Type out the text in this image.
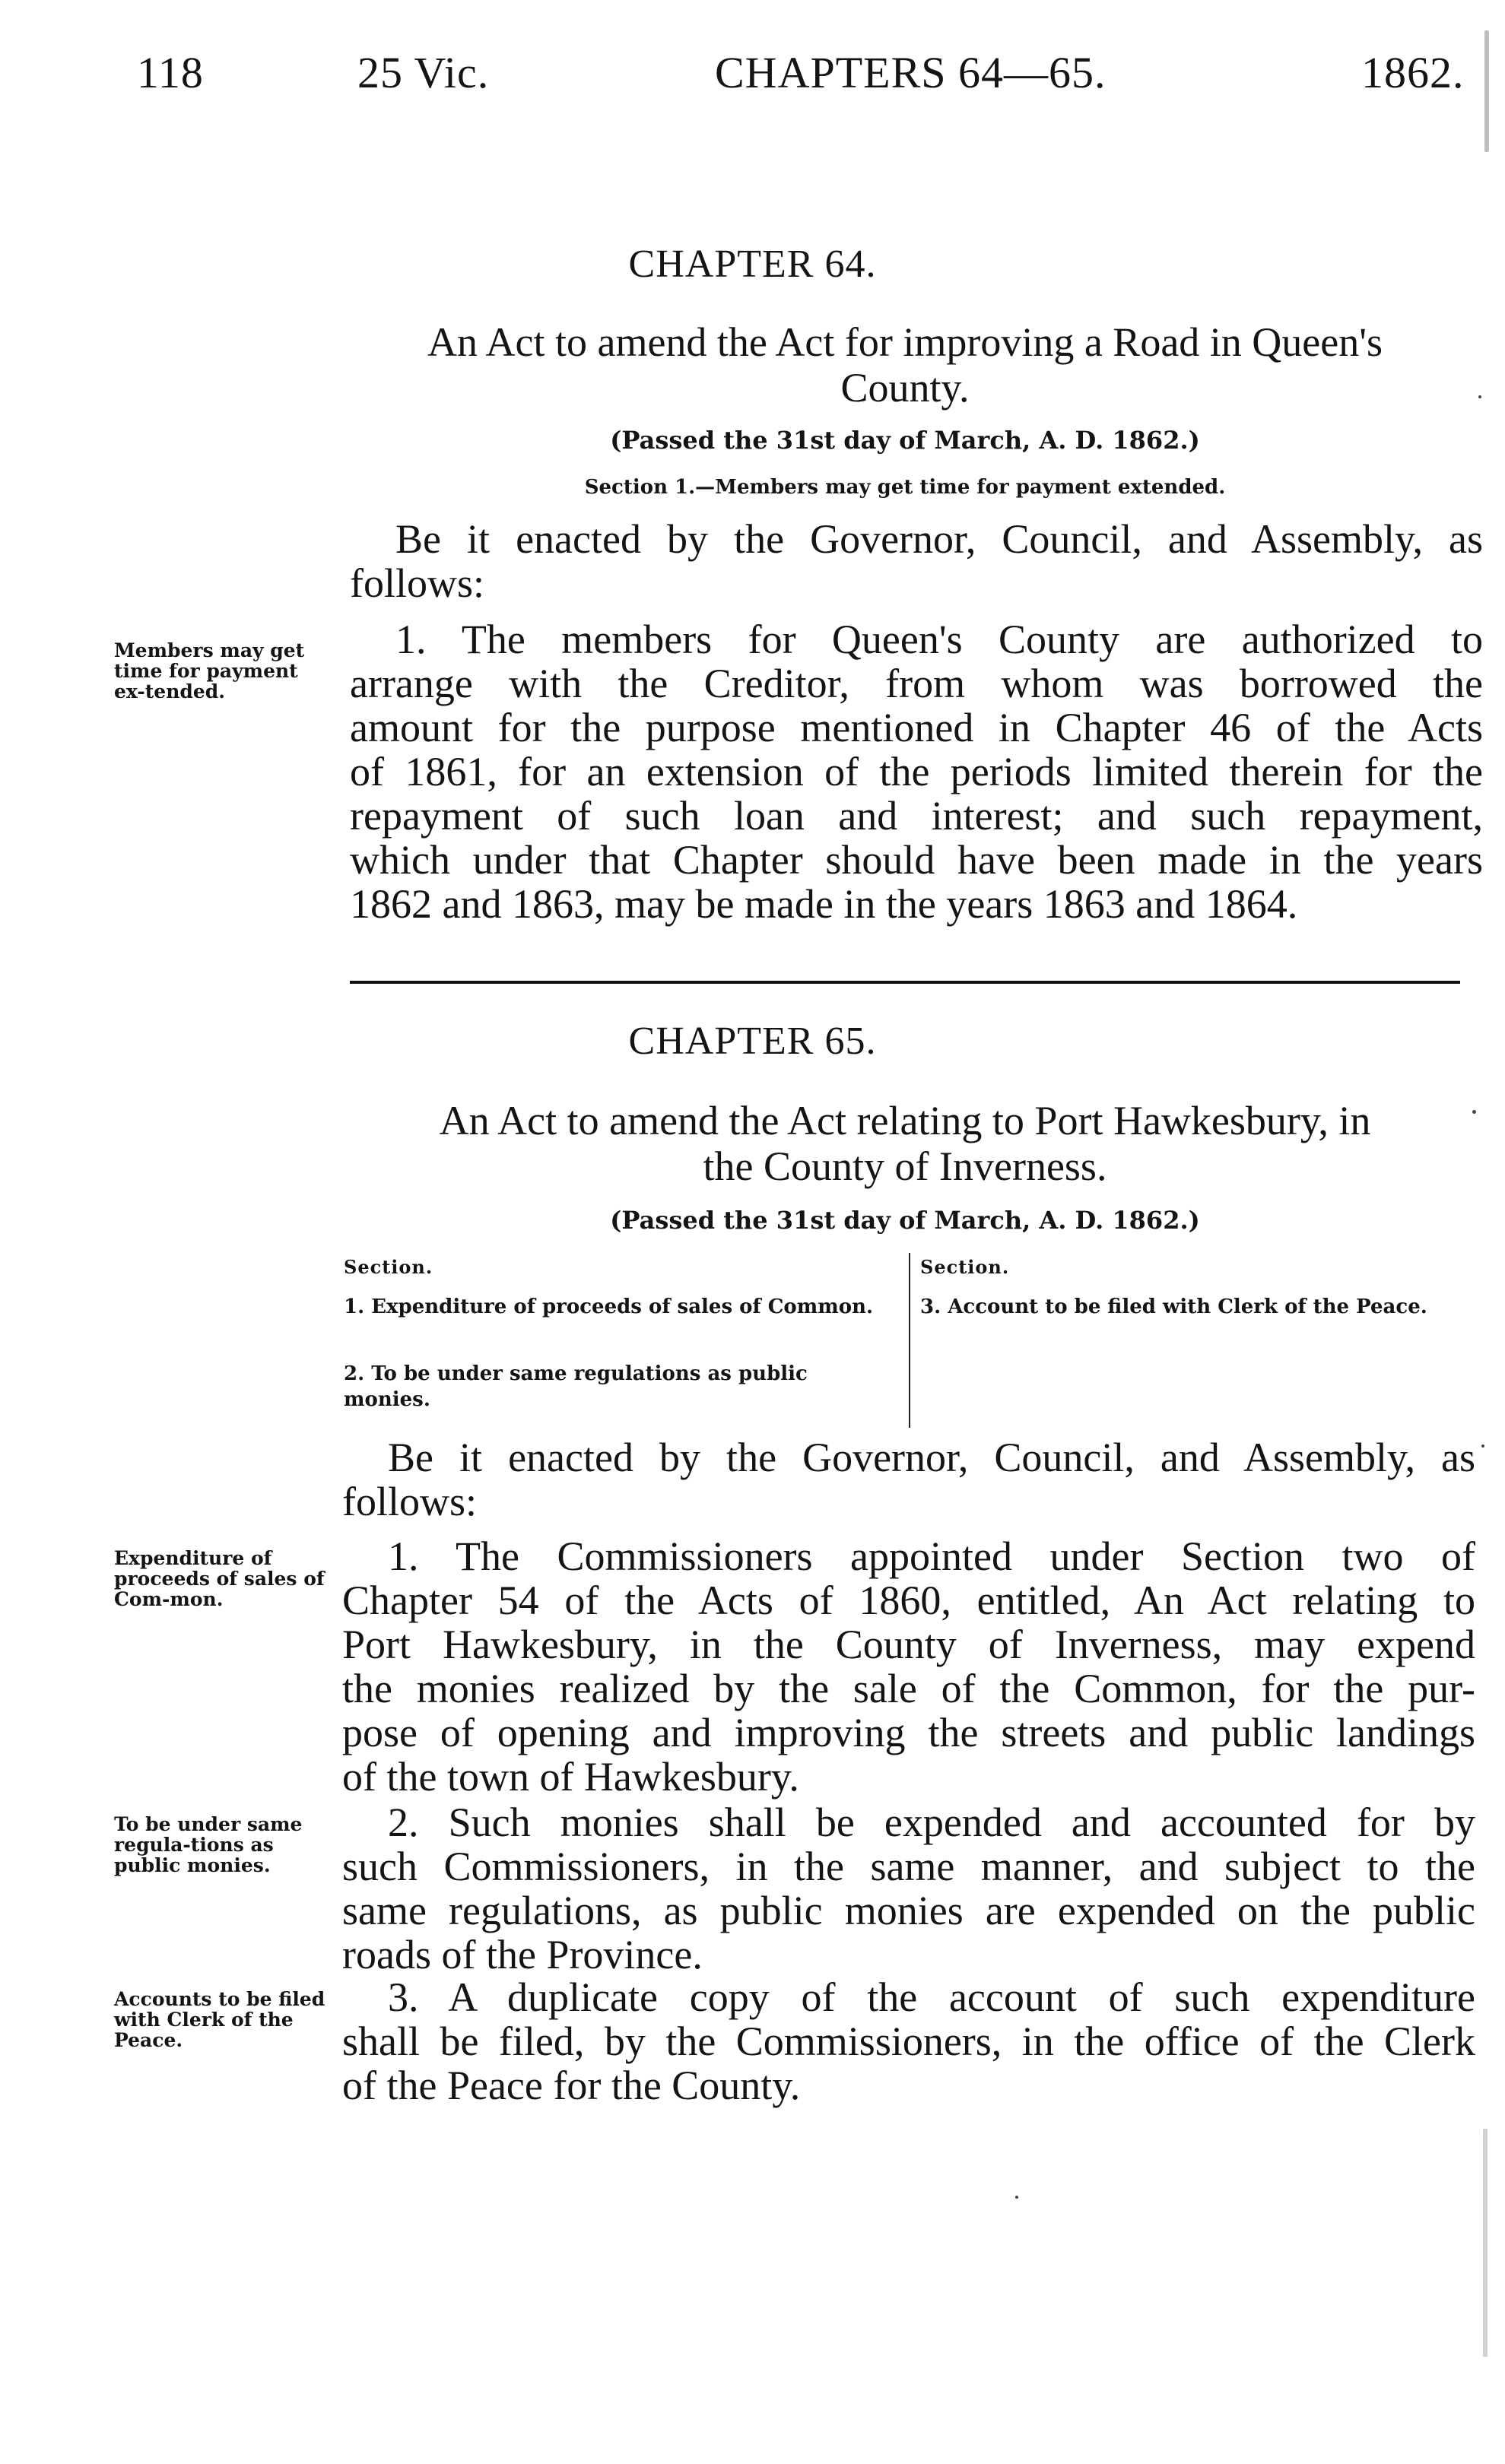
118	25 Vic.	CHAPTERS 64—65.	1862.
CHAPTER 64.
An Act to amend the Act for improving a Road in Queen's
County.
(Passed the 31st day of March, A. D. 1862.)
Section 1.—Members may get time for payment extended.
Be it enacted by the Governor, Council, and Assembly, as
follows:
Members may get time for payment ex-tended.
1. The members for Queen's County are authorized to
arrange with the Creditor, from whom was borrowed the
amount for the purpose mentioned in Chapter 46 of the Acts
of 1861, for an extension of the periods limited therein for the
repayment of such loan and interest; and such repayment,
which under that Chapter should have been made in the years
1862 and 1863, may be made in the years 1863 and 1864.
CHAPTER 65.
An Act to amend the Act relating to Port Hawkesbury, in
the County of Inverness.
(Passed the 31st day of March, A. D. 1862.)
Section.	Section.
1. Expenditure of proceeds of sales of Common.
2. To be under same regulations as public monies.
3. Account to be filed with Clerk of the Peace.
Be it enacted by the Governor, Council, and Assembly, as
follows:
Expenditure of proceeds of sales of Com-mon.
1. The Commissioners appointed under Section two of
Chapter 54 of the Acts of 1860, entitled, An Act relating to
Port Hawkesbury, in the County of Inverness, may expend
the monies realized by the sale of the Common, for the pur-
pose of opening and improving the streets and public landings
of the town of Hawkesbury.
To be under same regula-tions as public monies.
2. Such monies shall be expended and accounted for by
such Commissioners, in the same manner, and subject to the
same regulations, as public monies are expended on the public
roads of the Province.
Accounts to be filed with Clerk of the Peace.
3. A duplicate copy of the account of such expenditure
shall be filed, by the Commissioners, in the office of the Clerk
of the Peace for the County.
